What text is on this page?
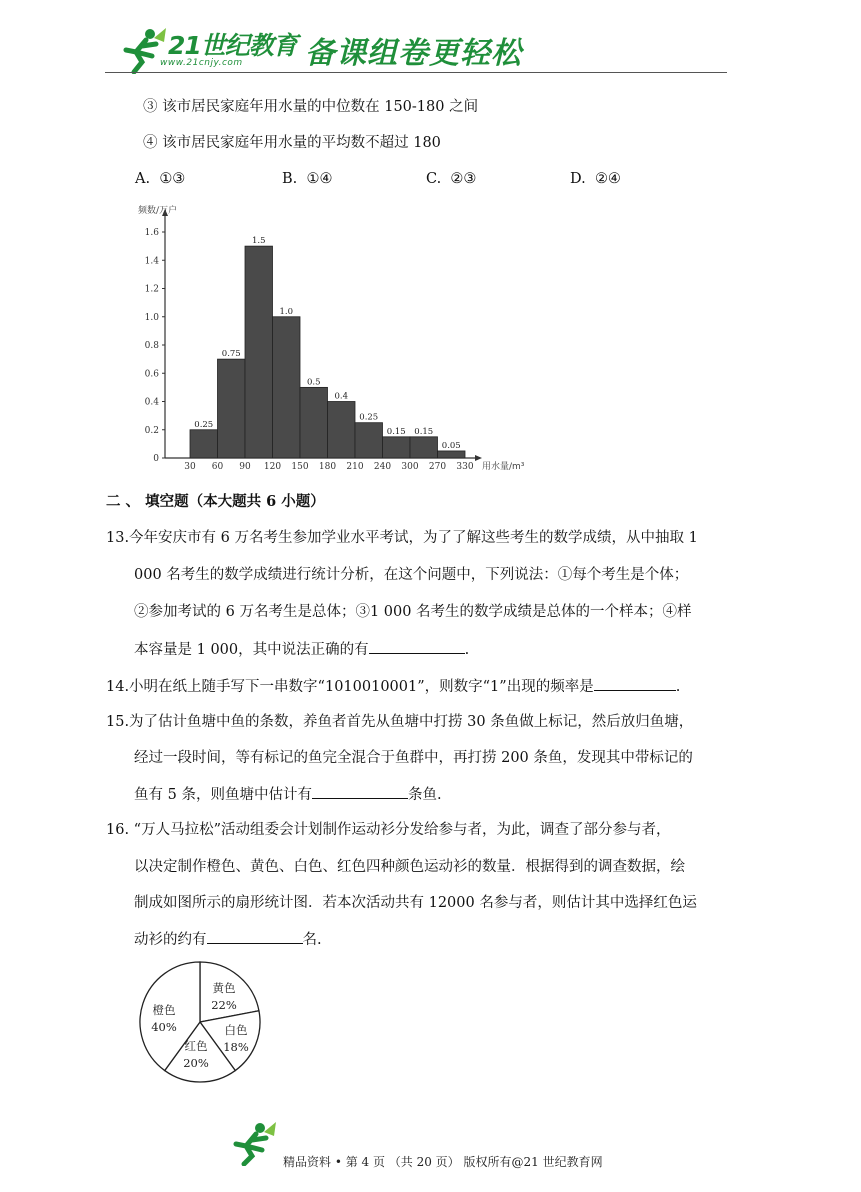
21世纪教育
www.21cnjy.com 备课组卷更轻松
③ 该市居民家庭年用水量的中位数在 150-180 之间
④ 该市居民家庭年用水量的平均数不超过 180
A. ①③	B. ①④	C. ②③	D. ②④
频数/万户
用水量/m³
0
0.2
0.4
0.6
0.8
1.0
1.2
1.4
1.6
0.25
0.75
1.5
1.0
0.5
0.4
0.25
0.15 0.15
0.05
30 60 90 120 150 180 210 240 300 270 330
二 、 填空题（本大题共 6 小题）
13.今年安庆市有 6 万名考生参加学业水平考试，为了了解这些考生的数学成绩，从中抽取 1
000 名考生的数学成绩进行统计分析，在这个问题中，下列说法：①每个考生是个体；
②参加考试的 6 万名考生是总体；③1 000 名考生的数学成绩是总体的一个样本；④样
本容量是 1 000，其中说法正确的有	.
14.小明在纸上随手写下一串数字“1010010001”，则数字“1”出现的频率是	.
15.为了估计鱼塘中鱼的条数，养鱼者首先从鱼塘中打捞 30 条鱼做上标记，然后放归鱼塘，
经过一段时间，等有标记的鱼完全混合于鱼群中，再打捞 200 条鱼，发现其中带标记的
鱼有 5 条，则鱼塘中估计有	条鱼.
16. “万人马拉松”活动组委会计划制作运动衫分发给参与者，为此，调查了部分参与者，
以决定制作橙色、黄色、白色、红色四种颜色运动衫的数量．根据得到的调查数据，绘
制成如图所示的扇形统计图．若本次活动共有 12000 名参与者，则估计其中选择红色运
动衫的约有	名.
橙色
40%
黄色
22%
白色
18%
红色
20%
精品资料 • 第 4 页 （共 20 页） 版权所有@21 世纪教育网
